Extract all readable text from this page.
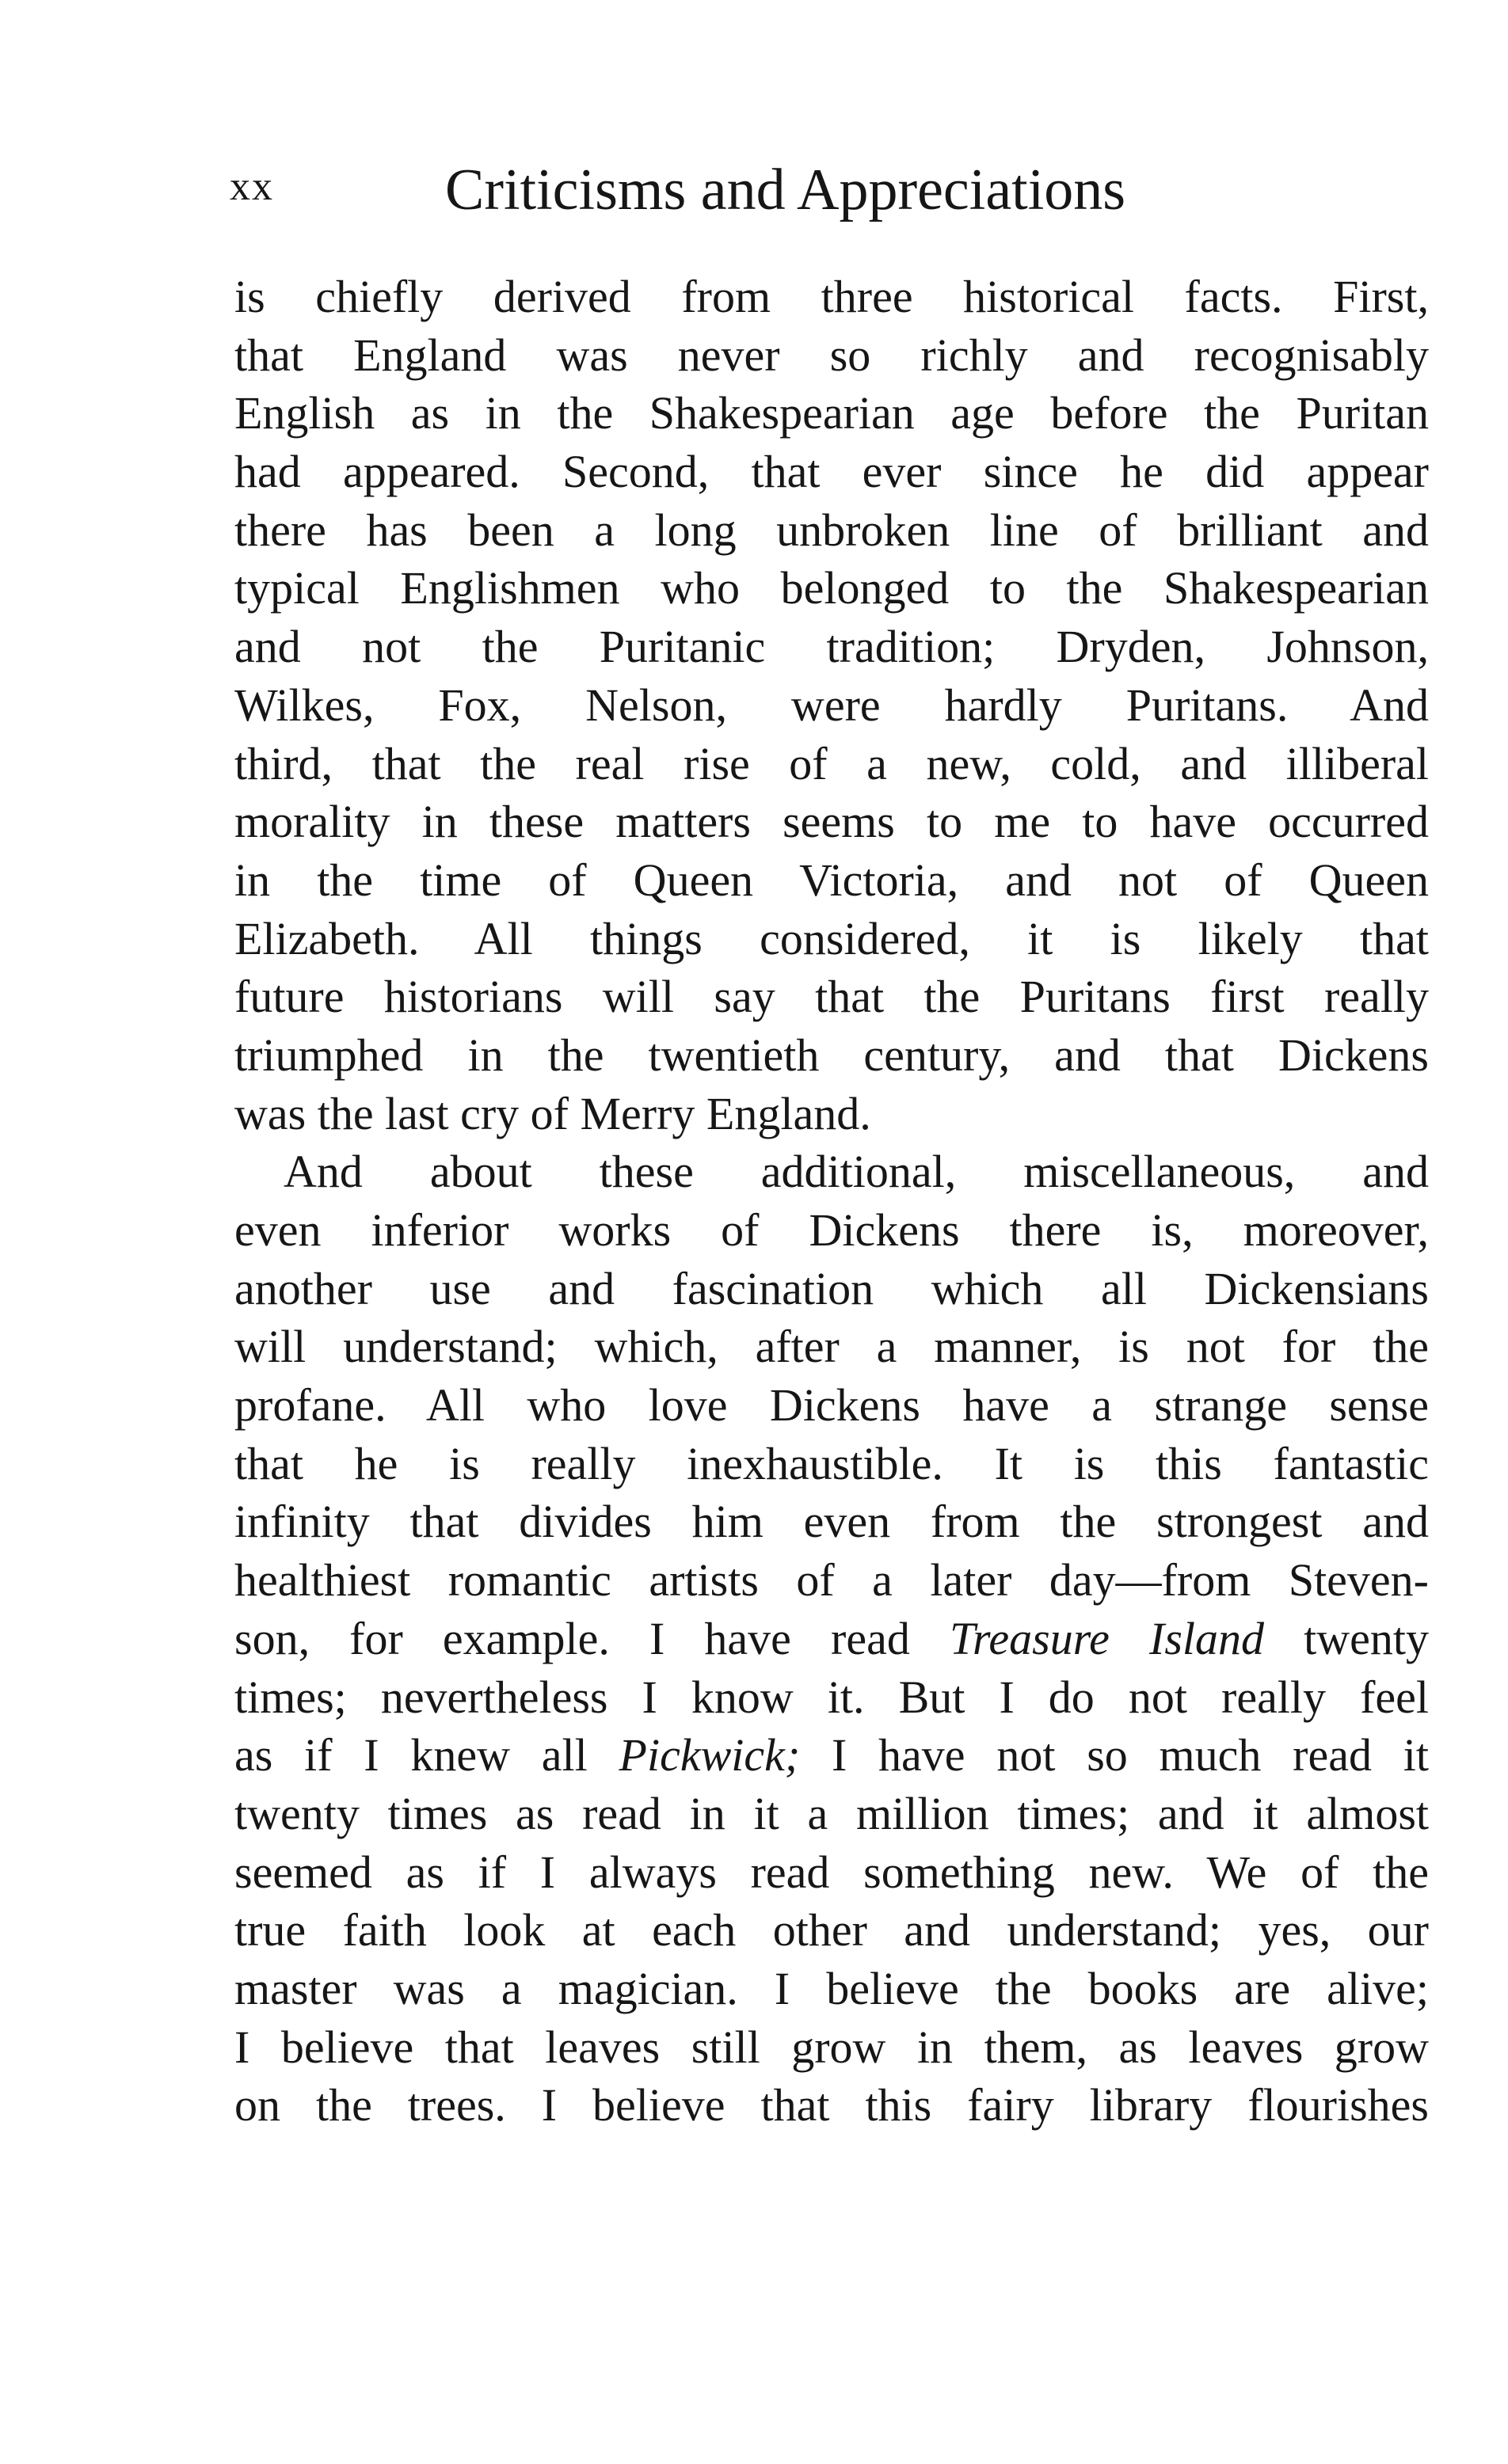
xx	Criticisms and Appreciations
is chiefly derived from three historical facts. First,
that England was never so richly and recognisably
English as in the Shakespearian age before the Puritan
had appeared. Second, that ever since he did appear
there has been a long unbroken line of brilliant and
typical Englishmen who belonged to the Shakespearian
and not the Puritanic tradition; Dryden, Johnson,
Wilkes, Fox, Nelson, were hardly Puritans. And
third, that the real rise of a new, cold, and illiberal
morality in these matters seems to me to have occurred
in the time of Queen Victoria, and not of Queen
Elizabeth. All things considered, it is likely that
future historians will say that the Puritans first really
triumphed in the twentieth century, and that Dickens
was the last cry of Merry England.
And about these additional, miscellaneous, and
even inferior works of Dickens there is, moreover,
another use and fascination which all Dickensians
will understand; which, after a manner, is not for the
profane. All who love Dickens have a strange sense
that he is really inexhaustible. It is this fantastic
infinity that divides him even from the strongest and
healthiest romantic artists of a later day—from Steven-
son, for example. I have read Treasure Island twenty
times; nevertheless I know it. But I do not really feel
as if I knew all Pickwick; I have not so much read it
twenty times as read in it a million times; and it almost
seemed as if I always read something new. We of the
true faith look at each other and understand; yes, our
master was a magician. I believe the books are alive;
I believe that leaves still grow in them, as leaves grow
on the trees. I believe that this fairy library flourishes
